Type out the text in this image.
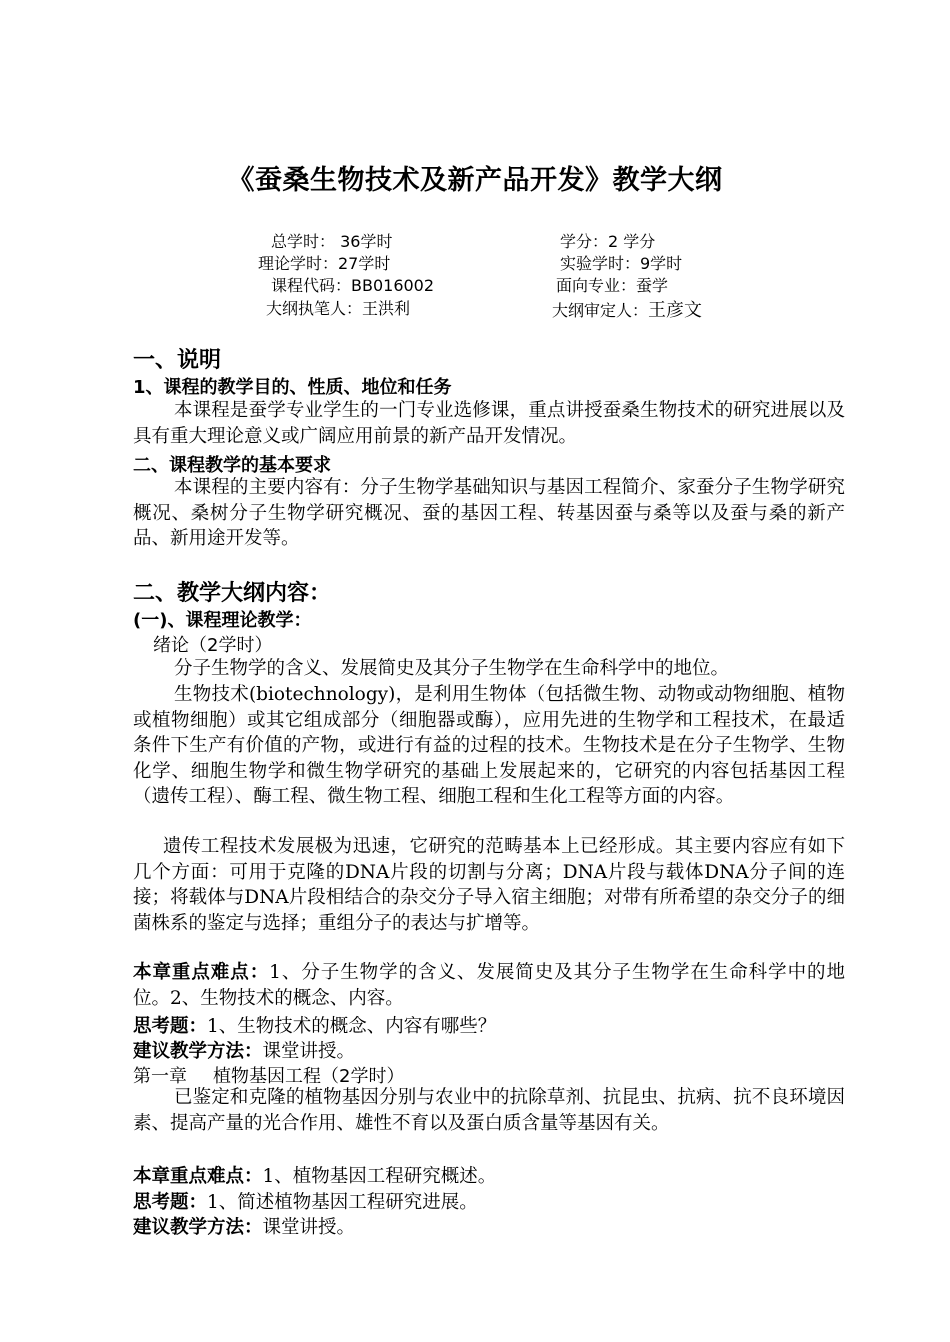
《蚕桑生物技术及新产品开发》教学大纲
总学时： 36学时	学分：2 学分
理论学时：27学时	实验学时：9学时
课程代码：BB016002	面向专业：蚕学
大纲执笔人：王洪利	大纲审定人：王彦文
一、说明
1、课程的教学目的、性质、地位和任务
本课程是蚕学专业学生的一门专业选修课，重点讲授蚕桑生物技术的研究进展以及具有重大理论意义或广阔应用前景的新产品开发情况。
二、课程教学的基本要求
本课程的主要内容有：分子生物学基础知识与基因工程简介、家蚕分子生物学研究概况、桑树分子生物学研究概况、蚕的基因工程、转基因蚕与桑等以及蚕与桑的新产品、新用途开发等。
二、教学大纲内容：
(一)、课程理论教学：
绪论（2学时）
分子生物学的含义、发展简史及其分子生物学在生命科学中的地位。
生物技术(biotechnology)，是利用生物体（包括微生物、动物或动物细胞、植物或植物细胞）或其它组成部分（细胞器或酶），应用先进的生物学和工程技术，在最适条件下生产有价值的产物，或进行有益的过程的技术。生物技术是在分子生物学、生物化学、细胞生物学和微生物学研究的基础上发展起来的，它研究的内容包括基因工程（遗传工程）、酶工程、微生物工程、细胞工程和生化工程等方面的内容。
遗传工程技术发展极为迅速，它研究的范畴基本上已经形成。其主要内容应有如下几个方面：可用于克隆的DNA片段的切割与分离；DNA片段与载体DNA分子间的连接；将载体与DNA片段相结合的杂交分子导入宿主细胞；对带有所希望的杂交分子的细菌株系的鉴定与选择；重组分子的表达与扩增等。
本章重点难点：1、分子生物学的含义、发展简史及其分子生物学在生命科学中的地位。2、生物技术的概念、内容。
思考题：1、生物技术的概念、内容有哪些？
建议教学方法：课堂讲授。
第一章 植物基因工程（2学时）
已鉴定和克隆的植物基因分别与农业中的抗除草剂、抗昆虫、抗病、抗不良环境因素、提高产量的光合作用、雄性不育以及蛋白质含量等基因有关。
本章重点难点：1、植物基因工程研究概述。
思考题：1、简述植物基因工程研究进展。
建议教学方法：课堂讲授。
